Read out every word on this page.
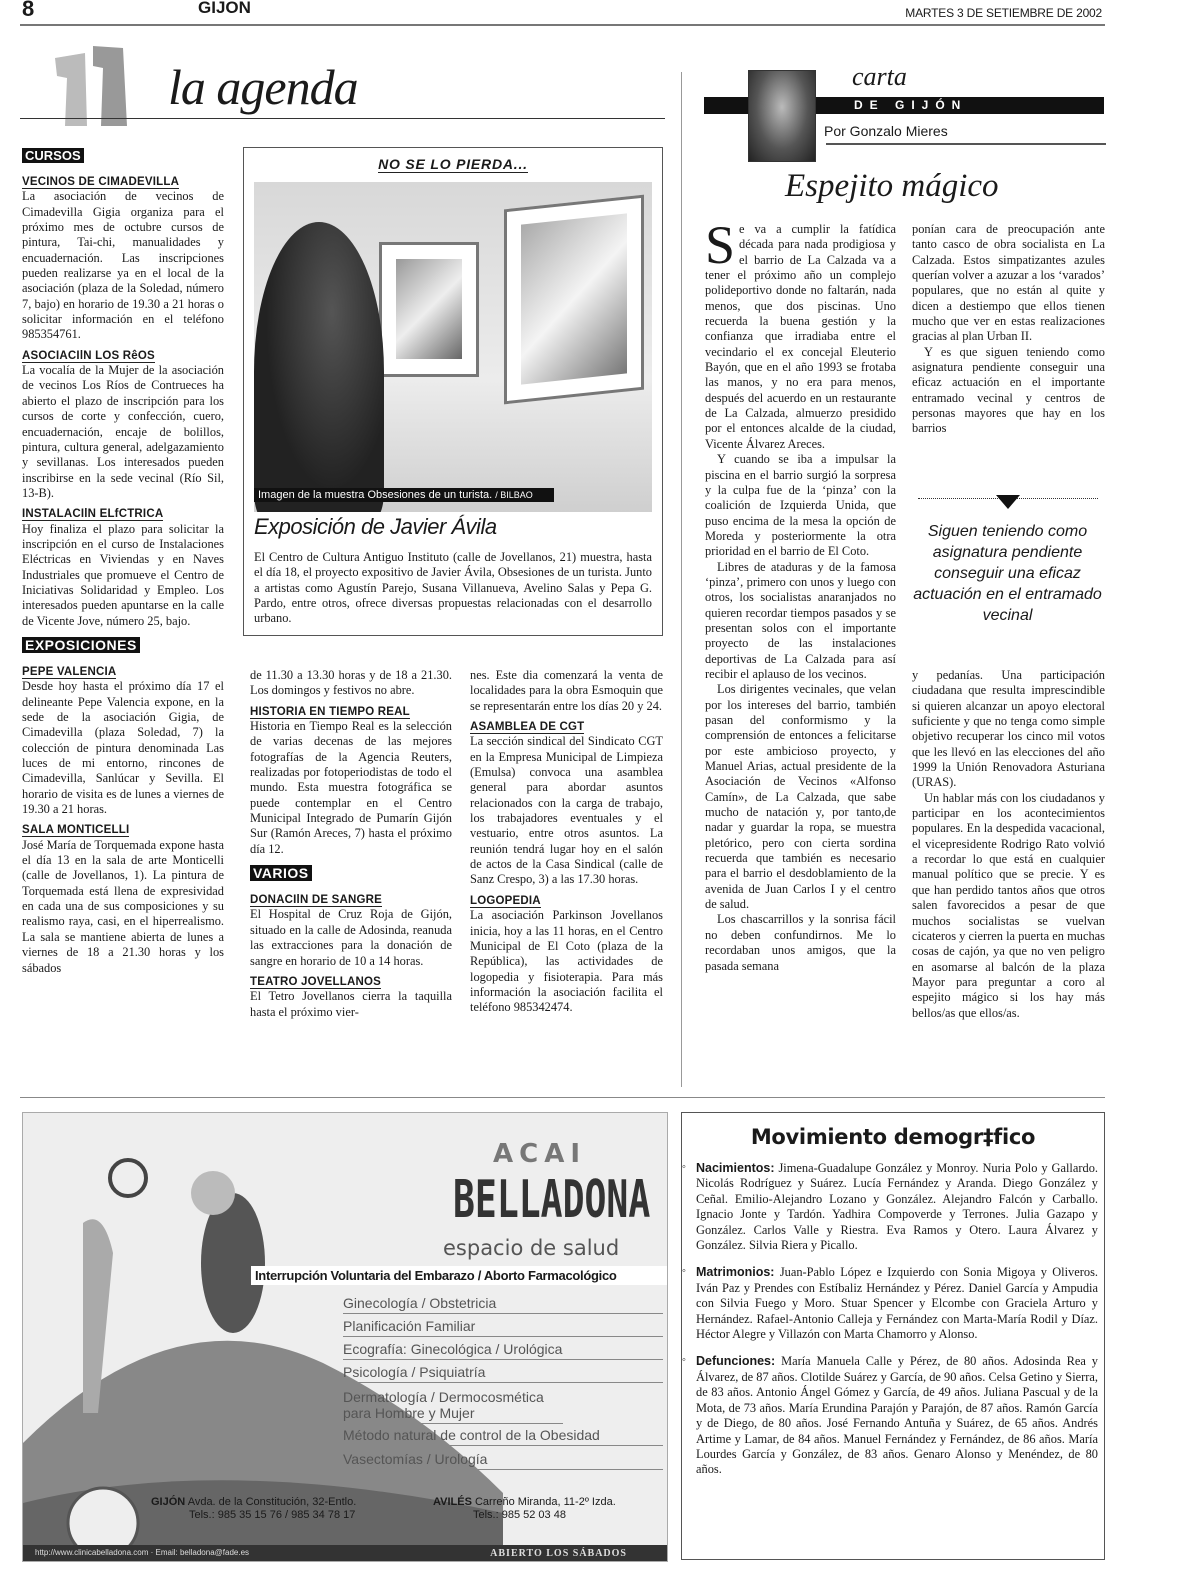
8	GIJON	MARTES 3 DE SETIEMBRE DE 2002
la agenda
CURSOS
VECINOS DE CIMADEVILLA

La asociación de vecinos de Cimadevilla Gigia organiza para el próximo mes de octubre cursos de pintura, Tai-chi, manualidades y encuadernación. Las inscripciones pueden realizarse ya en el local de la asociación (plaza de la Soledad, número 7, bajo) en horario de 19.30 a 21 horas o solicitar información en el teléfono 985354761.

ASOCIACIlN LOS RêOS

La vocalía de la Mujer de la asociación de vecinos Los Ríos de Contrueces ha abierto el plazo de inscripción para los cursos de corte y confección, cuero, encuadernación, encaje de bolillos, pintura, cultura general, adelgazamiento y sevillanas. Los interesados pueden inscribirse en la sede vecinal (Río Sil, 13-B).

INSTALACIlN ELfCTRICA

Hoy finaliza el plazo para solicitar la inscripción en el curso de Instalaciones Eléctricas en Viviendas y en Naves Industriales que promueve el Centro de Iniciativas Solidaridad y Empleo. Los interesados pueden apuntarse en la calle de Vicente Jove, número 25, bajo.

EXPOSICIONES
PEPE VALENCIA

Desde hoy hasta el próximo día 17 el delineante Pepe Valencia expone, en la sede de la asociación Gigia, de Cimadevilla (plaza Soledad, 7) la colección de pintura denominada Las luces de mi entorno, rincones de Cimadevilla, Sanlúcar y Sevilla. El horario de visita es de lunes a viernes de 19.30 a 21 horas.

SALA MONTICELLI

José María de Torquemada expone hasta el día 13 en la sala de arte Monticelli (calle de Jovellanos, 1). La pintura de Torquemada está llena de expresividad en cada una de sus composiciones y su realismo raya, casi, en el hiperrealismo. La sala se mantiene abierta de lunes a viernes de 18 a 21.30 horas y los sábados

de 11.30 a 13.30 horas y de 18 a 21.30. Los domingos y festivos no abre.

HISTORIA EN TIEMPO REAL

Historia en Tiempo Real es la selección de varias decenas de las mejores fotografías de la Agencia Reuters, realizadas por fotoperiodistas de todo el mundo. Esta muestra fotográfica se puede contemplar en el Centro Municipal Integrado de Pumarín Gijón Sur (Ramón Areces, 7) hasta el próximo día 12.

VARIOS
DONACIlN DE SANGRE

El Hospital de Cruz Roja de Gijón, situado en la calle de Adosinda, reanuda las extracciones para la donación de sangre en horario de 10 a 14 horas.

TEATRO JOVELLANOS

El Tetro Jovellanos cierra la taquilla hasta el próximo vier-

nes. Este dia comenzará la venta de localidades para la obra Esmoquin que se representarán entre los días 20 y 24.

ASAMBLEA DE CGT

La sección sindical del Sindicato CGT en la Empresa Municipal de Limpieza (Emulsa) convoca una asamblea general para abordar asuntos relacionados con la carga de trabajo, los trabajadores eventuales y el vestuario, entre otros asuntos. La reunión tendrá lugar hoy en el salón de actos de la Casa Sindical (calle de Sanz Crespo, 3) a las 17.30 horas.

LOGOPEDIA

La asociación Parkinson Jovellanos inicia, hoy a las 11 horas, en el Centro Municipal de El Coto (plaza de la República), las actividades de logopedia y fisioterapia. Para más información la asociación facilita el teléfono 985342474.

NO SE LO PIERDA...
Imagen de la muestra Obsesiones de un turista. / BILBAO
Exposición de Javier Ávila
El Centro de Cultura Antiguo Instituto (calle de Jovellanos, 21) muestra, hasta el día 18, el proyecto expositivo de Javier Ávila, Obsesiones de un turista. Junto a artistas como Agustín Parejo, Susana Villanueva, Avelino Salas y Pepa G. Pardo, entre otros, ofrece diversas propuestas relacionadas con el desarrollo urbano.
DE GIJÓN
carta
Por Gonzalo Mieres
Espejito mágico

Se va a cumplir la fatídica década para nada prodigiosa y el barrio de La Calzada va a tener el próximo año un complejo polideportivo donde no faltarán, nada menos, que dos piscinas. Uno recuerda la buena gestión y la confianza que irradiaba entre el vecindario el ex concejal Eleuterio Bayón, que en el año 1993 se frotaba las manos, y no era para menos, después del acuerdo en un restaurante de La Calzada, almuerzo presidido por el entonces alcalde de la ciudad, Vicente Álvarez Areces.

Y cuando se iba a impulsar la piscina en el barrio surgió la sorpresa y la culpa fue de la ‘pinza’ con la coalición de Izquierda Unida, que puso encima de la mesa la opción de Moreda y posteriormente la otra prioridad en el barrio de El Coto.

Libres de ataduras y de la famosa ‘pinza’, primero con unos y luego con otros, los socialistas anaranjados no quieren recordar tiempos pasados y se presentan solos con el importante proyecto de las instalaciones deportivas de La Calzada para así recibir el aplauso de los vecinos.

Los dirigentes vecinales, que velan por los intereses del barrio, también pasan del conformismo y la comprensión de entonces a felicitarse por este ambicioso proyecto, y Manuel Arias, actual presidente de la Asociación de Vecinos «Alfonso Camín», de La Calzada, que sabe mucho de natación y, por tanto,de nadar y guardar la ropa, se muestra pletórico, pero con cierta sordina recuerda que también es necesario para el barrio el desdoblamiento de la avenida de Juan Carlos I y el centro de salud.

Los chascarrillos y la sonrisa fácil no deben confundirnos. Me lo recordaban unos amigos, que la pasada semana

ponían cara de preocupación ante tanto casco de obra socialista en La Calzada. Estos simpatizantes azules querían volver a azuzar a los ‘varados’ populares, que no están al quite y dicen a destiempo que ellos tienen mucho que ver en estas realizaciones gracias al plan Urban II.

Y es que siguen teniendo como asignatura pendiente conseguir una eficaz actuación en el importante entramado vecinal y centros de personas mayores que hay en los barrios

Siguen teniendo como asignatura pendiente conseguir una eficaz actuación en el entramado vecinal

y pedanías. Una participación ciudadana que resulta imprescindible si quieren alcanzar un apoyo electoral suficiente y que no tenga como simple objetivo recuperar los cinco mil votos que les llevó en las elecciones del año 1999 la Unión Renovadora Asturiana (URAS).

Un hablar más con los ciudadanos y participar en los acontecimientos populares. En la despedida vacacional, el vicepresidente Rodrigo Rato volvió a recordar lo que está en cualquier manual político que se precie. Y es que han perdido tantos años que otros salen favorecidos a pesar de que muchos socialistas se vuelvan cicateros y cierren la puerta en muchas cosas de cajón, ya que no ven peligro en asomarse al balcón de la plaza Mayor para preguntar a coro al espejito mágico si los hay más bellos/as que ellos/as.

ACAI
BELLADONA
espacio de salud
Interrupción Voluntaria del Embarazo / Aborto Farmacológico
Ginecología / Obstetricia
Planificación Familiar
Ecografía: Ginecológica / Urológica
Psicología / Psiquiatría
Dermatología / Dermocosmética para Hombre y Mujer
Método natural de control de la Obesidad
Vasectomías / Urología
GIJÓN Avda. de la Constitución, 32-Entlo.
Tels.: 985 35 15 76 / 985 34 78 17
AVILÉS Carreño Miranda, 11-2º Izda.
Tels.: 985 52 03 48
http://www.clinicabelladona.com · Email: belladona@fade.es	ABIERTO LOS SÁBADOS
Movimiento demogr‡fico
◦ Nacimientos: Jimena-Guadalupe González y Monroy. Nuria Polo y Gallardo. Nicolás Rodríguez y Suárez. Lucía Fernández y Aranda. Diego González y Ceñal. Emilio-Alejandro Lozano y González. Alejandro Falcón y Carballo. Ignacio Jonte y Tardón. Yadhira Compoverde y Terrones. Julia Gazapo y González. Carlos Valle y Riestra. Eva Ramos y Otero. Laura Álvarez y González. Silvia Riera y Picallo.
◦ Matrimonios: Juan-Pablo López e Izquierdo con Sonia Migoya y Oliveros. Iván Paz y Prendes con Estíbaliz Hernández y Pérez. Daniel García y Ampudia con Silvia Fuego y Moro. Stuar Spencer y Elcombe con Graciela Arturo y Hernández. Rafael-Antonio Calleja y Fernández con Marta-María Rodil y Díaz. Héctor Alegre y Villazón con Marta Chamorro y Alonso.
◦ Defunciones: María Manuela Calle y Pérez, de 80 años. Adosinda Rea y Álvarez, de 87 años. Clotilde Suárez y García, de 90 años. Celsa Getino y Sierra, de 83 años. Antonio Ángel Gómez y García, de 49 años. Juliana Pascual y de la Mota, de 73 años. María Erundina Parajón y Parajón, de 87 años. Ramón García y de Diego, de 80 años. José Fernando Antuña y Suárez, de 65 años. Andrés Artime y Lamar, de 84 años. Manuel Fernández y Fernández, de 86 años. María Lourdes García y González, de 83 años. Genaro Alonso y Menéndez, de 80 años.
